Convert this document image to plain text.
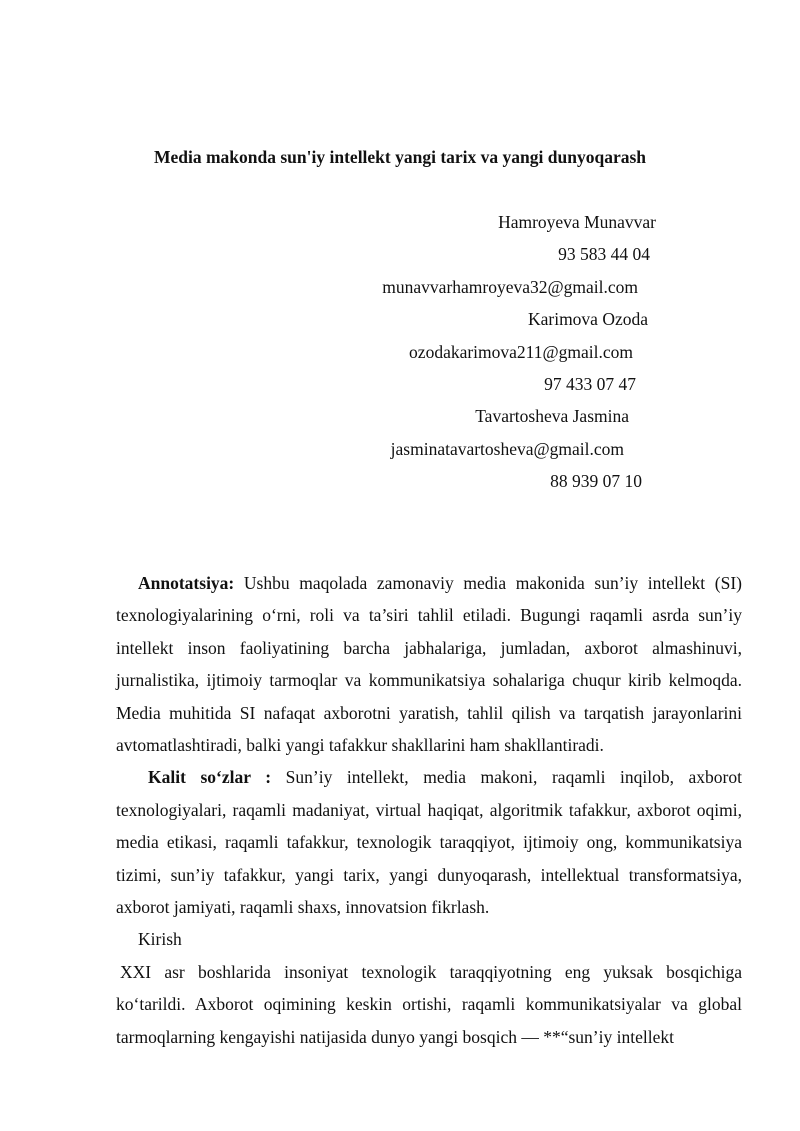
Media makonda sun'iy intellekt yangi tarix va yangi dunyoqarash
Hamroyeva Munavvar
93 583 44 04
munavvarhamroyeva32@gmail.com
Karimova Ozoda
ozodakarimova211@gmail.com
97 433 07 47
Tavartosheva Jasmina
jasminatavartosheva@gmail.com
88 939 07 10

Annotatsiya: Ushbu maqolada zamonaviy media makonida sun’iy intellekt (SI) texnologiyalarining o‘rni, roli va ta’siri tahlil etiladi. Bugungi raqamli asrda sun’iy intellekt inson faoliyatining barcha jabhalariga, jumladan, axborot almashinuvi, jurnalistika, ijtimoiy tarmoqlar va kommunikatsiya sohalariga chuqur kirib kelmoqda. Media muhitida SI nafaqat axborotni yaratish, tahlil qilish va tarqatish jarayonlarini avtomatlashtiradi, balki yangi tafakkur shakllarini ham shakllantiradi.

Kalit so‘zlar : Sun’iy intellekt, media makoni, raqamli inqilob, axborot texnologiyalari, raqamli madaniyat, virtual haqiqat, algoritmik tafakkur, axborot oqimi, media etikasi, raqamli tafakkur, texnologik taraqqiyot, ijtimoiy ong, kommunikatsiya tizimi, sun’iy tafakkur, yangi tarix, yangi dunyoqarash, intellektual transformatsiya, axborot jamiyati, raqamli shaxs, innovatsion fikrlash.

Kirish

XXI asr boshlarida insoniyat texnologik taraqqiyotning eng yuksak bosqichiga ko‘tarildi. Axborot oqimining keskin ortishi, raqamli kommunikatsiyalar va global tarmoqlarning kengayishi natijasida dunyo yangi bosqich — **“sun’iy intellekt
